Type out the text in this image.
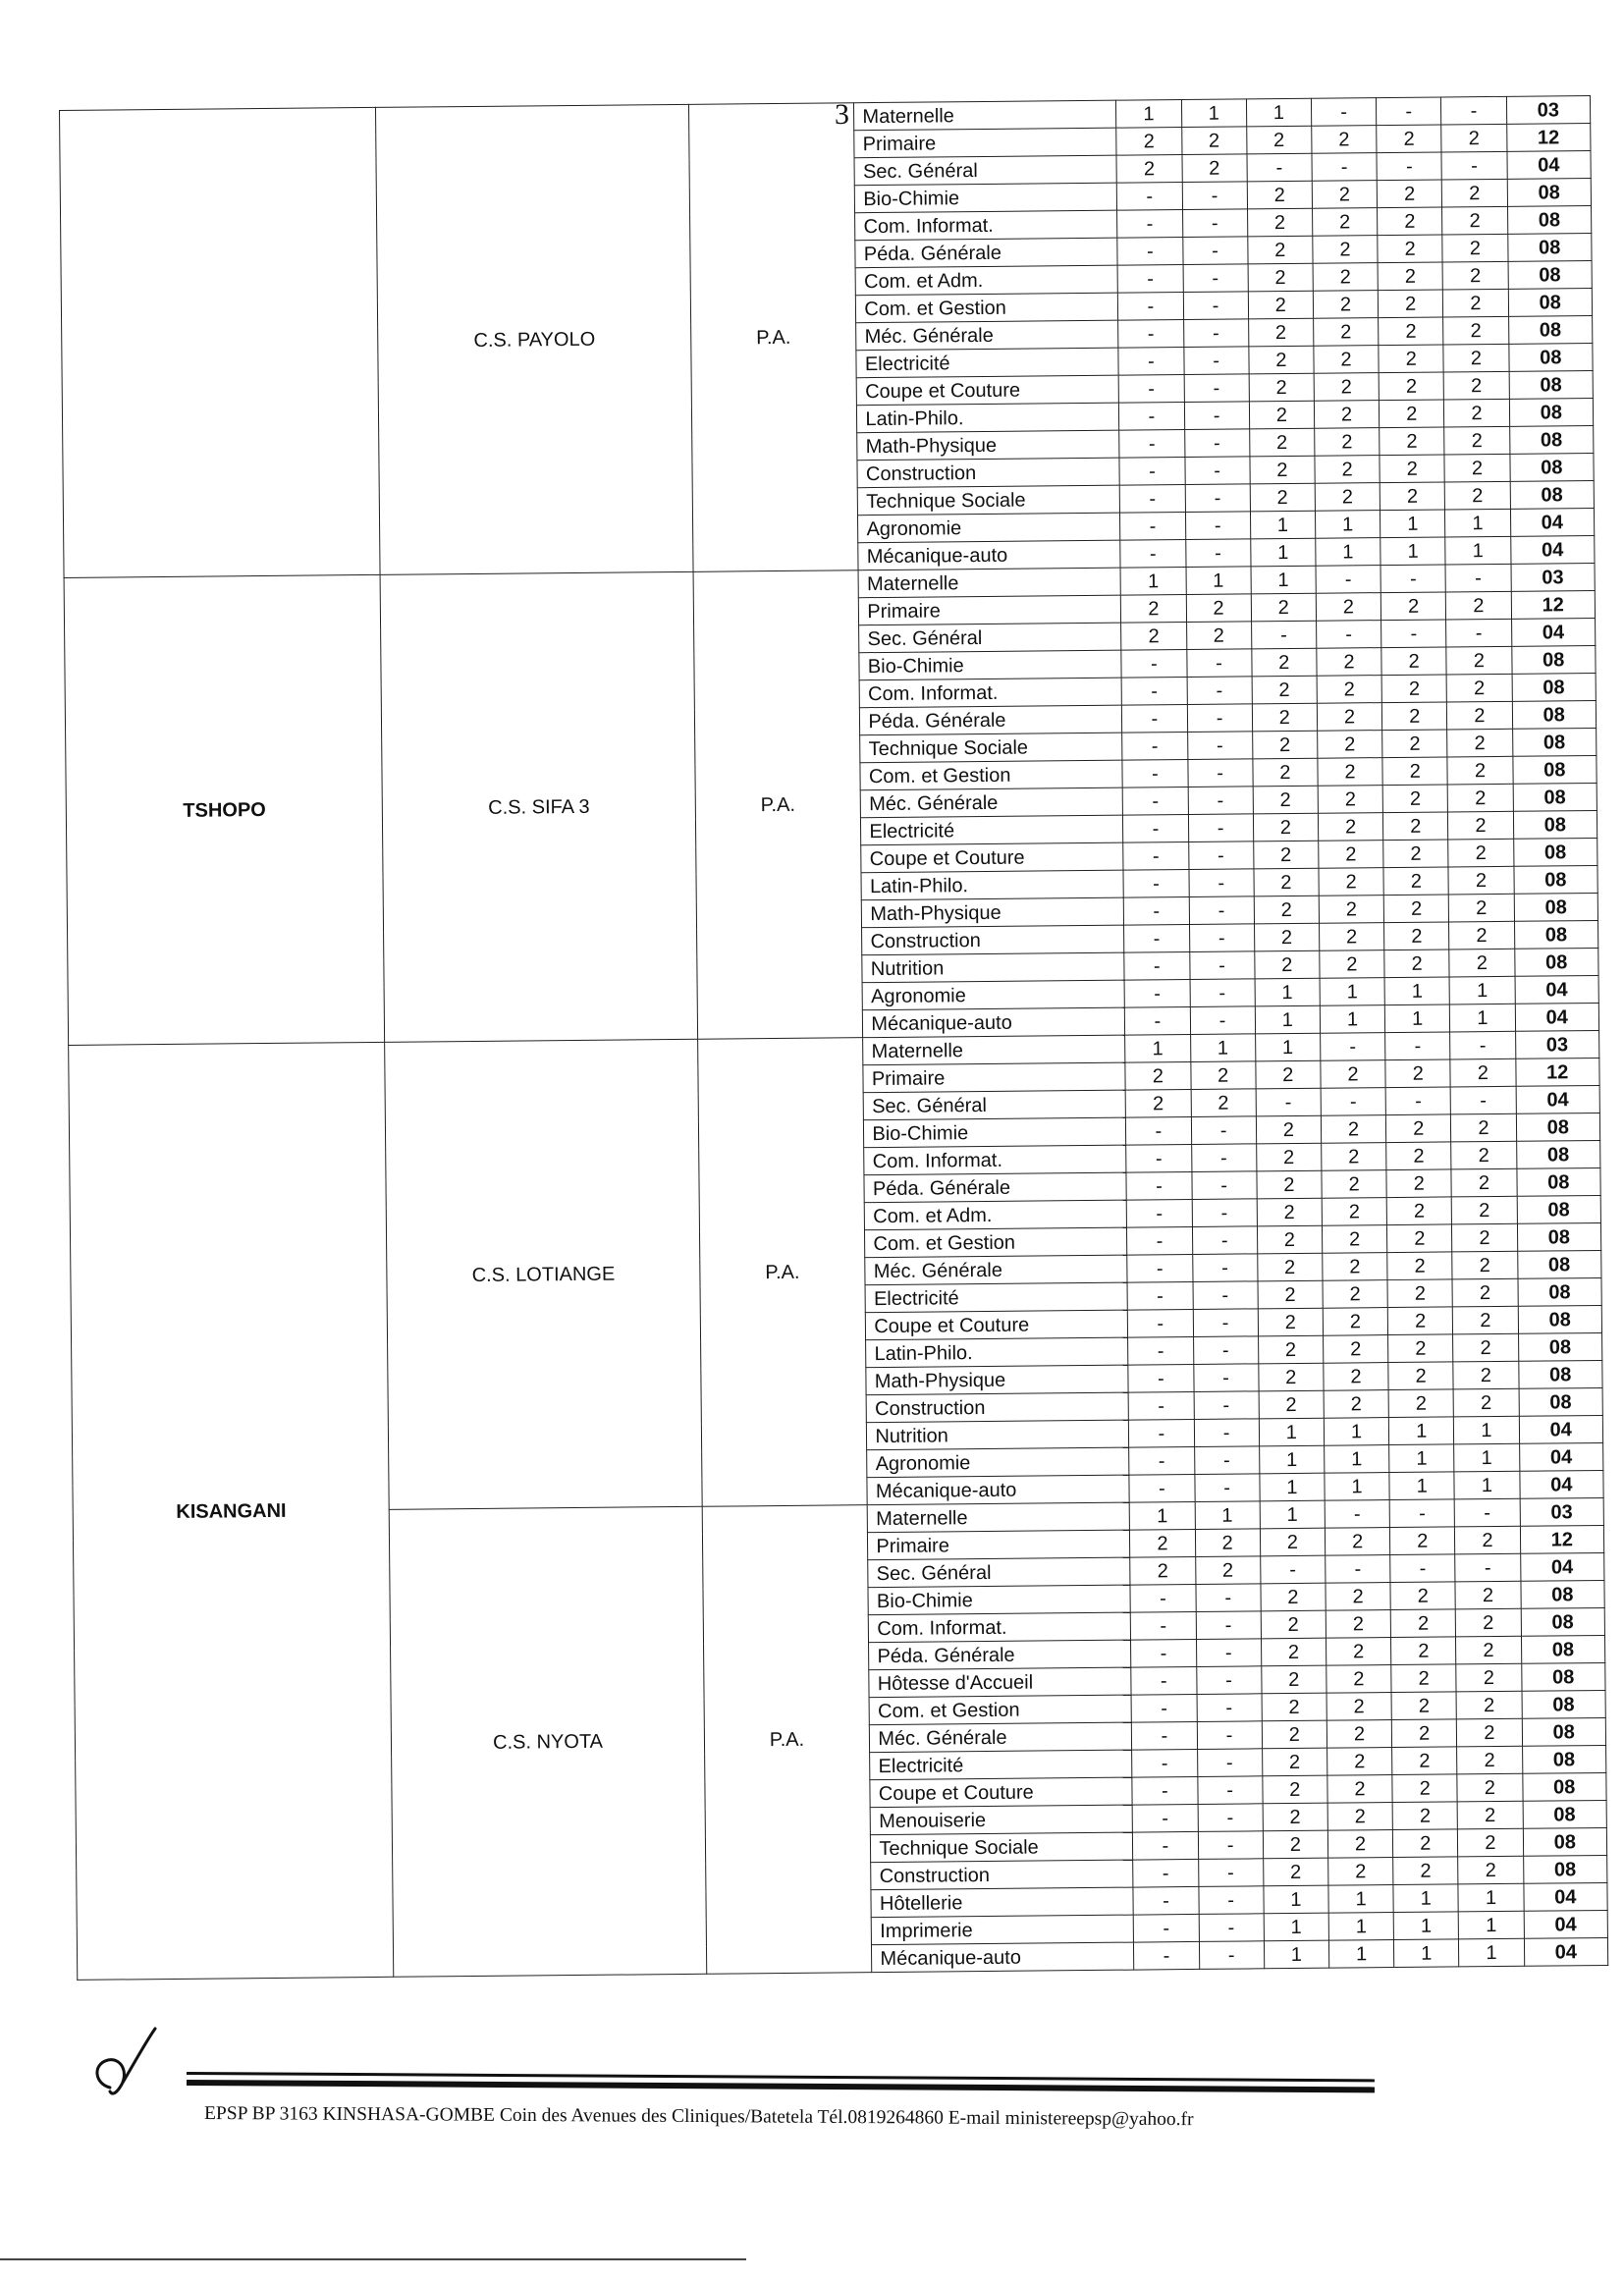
3
	C.S. PAYOLO	P.A.	Maternelle	1	1	1	-	-	-	03
			Primaire	2	2	2	2	2	2	12
			Sec. Général	2	2	-	-	-	-	04
			Bio-Chimie	-	-	2	2	2	2	08
			Com. Informat.	-	-	2	2	2	2	08
			Péda. Générale	-	-	2	2	2	2	08
			Com. et Adm.	-	-	2	2	2	2	08
			Com. et Gestion	-	-	2	2	2	2	08
			Méc. Générale	-	-	2	2	2	2	08
			Electricité	-	-	2	2	2	2	08
			Coupe et Couture	-	-	2	2	2	2	08
			Latin-Philo.	-	-	2	2	2	2	08
			Math-Physique	-	-	2	2	2	2	08
			Construction	-	-	2	2	2	2	08
			Technique Sociale	-	-	2	2	2	2	08
			Agronomie	-	-	1	1	1	1	04
			Mécanique-auto	-	-	1	1	1	1	04
TSHOPO	C.S. SIFA 3	P.A.	Maternelle	1	1	1	-	-	-	03
			Primaire	2	2	2	2	2	2	12
			Sec. Général	2	2	-	-	-	-	04
			Bio-Chimie	-	-	2	2	2	2	08
			Com. Informat.	-	-	2	2	2	2	08
			Péda. Générale	-	-	2	2	2	2	08
			Technique Sociale	-	-	2	2	2	2	08
			Com. et Gestion	-	-	2	2	2	2	08
			Méc. Générale	-	-	2	2	2	2	08
			Electricité	-	-	2	2	2	2	08
			Coupe et Couture	-	-	2	2	2	2	08
			Latin-Philo.	-	-	2	2	2	2	08
			Math-Physique	-	-	2	2	2	2	08
			Construction	-	-	2	2	2	2	08
			Nutrition	-	-	2	2	2	2	08
			Agronomie	-	-	1	1	1	1	04
			Mécanique-auto	-	-	1	1	1	1	04
KISANGANI	C.S. LOTIANGE	P.A.	Maternelle	1	1	1	-	-	-	03
			Primaire	2	2	2	2	2	2	12
			Sec. Général	2	2	-	-	-	-	04
			Bio-Chimie	-	-	2	2	2	2	08
			Com. Informat.	-	-	2	2	2	2	08
			Péda. Générale	-	-	2	2	2	2	08
			Com. et Adm.	-	-	2	2	2	2	08
			Com. et Gestion	-	-	2	2	2	2	08
			Méc. Générale	-	-	2	2	2	2	08
			Electricité	-	-	2	2	2	2	08
			Coupe et Couture	-	-	2	2	2	2	08
			Latin-Philo.	-	-	2	2	2	2	08
			Math-Physique	-	-	2	2	2	2	08
			Construction	-	-	2	2	2	2	08
			Nutrition	-	-	1	1	1	1	04
			Agronomie	-	-	1	1	1	1	04
			Mécanique-auto	-	-	1	1	1	1	04
	C.S. NYOTA	P.A.	Maternelle	1	1	1	-	-	-	03
			Primaire	2	2	2	2	2	2	12
			Sec. Général	2	2	-	-	-	-	04
			Bio-Chimie	-	-	2	2	2	2	08
			Com. Informat.	-	-	2	2	2	2	08
			Péda. Générale	-	-	2	2	2	2	08
			Hôtesse d'Accueil	-	-	2	2	2	2	08
			Com. et Gestion	-	-	2	2	2	2	08
			Méc. Générale	-	-	2	2	2	2	08
			Electricité	-	-	2	2	2	2	08
			Coupe et Couture	-	-	2	2	2	2	08
			Menouiserie	-	-	2	2	2	2	08
			Technique Sociale	-	-	2	2	2	2	08
			Construction	-	-	2	2	2	2	08
			Hôtellerie	-	-	1	1	1	1	04
			Imprimerie	-	-	1	1	1	1	04
			Mécanique-auto	-	-	1	1	1	1	04
EPSP BP 3163 KINSHASA-GOMBE Coin des Avenues des Cliniques/Batetela Tél.0819264860 E-mail ministereepsp@yahoo.fr
